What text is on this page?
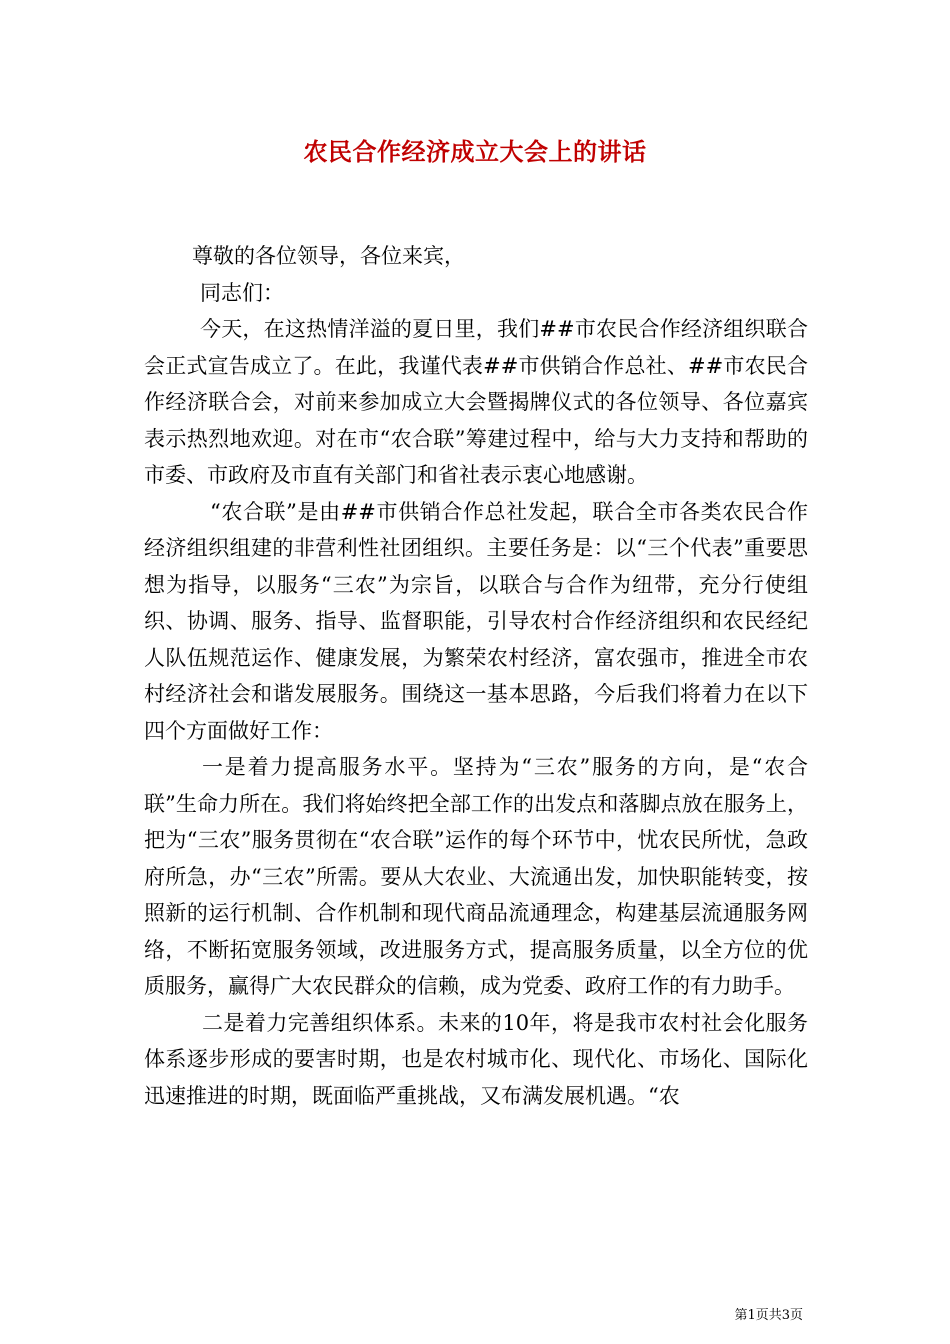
农民合作经济成立大会上的讲话

尊敬的各位领导，各位来宾，

同志们：

今天，在这热情洋溢的夏日里，我们##市农民合作经济组织联合会正式宣告成立了。在此，我谨代表##市供销合作总社、##市农民合作经济联合会，对前来参加成立大会暨揭牌仪式的各位领导、各位嘉宾表示热烈地欢迎。对在市“农合联”筹建过程中，给与大力支持和帮助的市委、市政府及市直有关部门和省社表示衷心地感谢。

“农合联”是由##市供销合作总社发起，联合全市各类农民合作经济组织组建的非营利性社团组织。主要任务是：以“三个代表”重要思想为指导，以服务“三农”为宗旨，以联合与合作为纽带，充分行使组织、协调、服务、指导、监督职能，引导农村合作经济组织和农民经纪人队伍规范运作、健康发展，为繁荣农村经济，富农强市，推进全市农村经济社会和谐发展服务。围绕这一基本思路，今后我们将着力在以下四个方面做好工作：

一是着力提高服务水平。坚持为“三农”服务的方向，是“农合联”生命力所在。我们将始终把全部工作的出发点和落脚点放在服务上，把为“三农”服务贯彻在“农合联”运作的每个环节中，忧农民所忧，急政府所急，办“三农”所需。要从大农业、大流通出发，加快职能转变，按照新的运行机制、合作机制和现代商品流通理念，构建基层流通服务网络，不断拓宽服务领域，改进服务方式，提高服务质量，以全方位的优质服务，赢得广大农民群众的信赖，成为党委、政府工作的有力助手。

二是着力完善组织体系。未来的10年，将是我市农村社会化服务体系逐步形成的要害时期，也是农村城市化、现代化、市场化、国际化迅速推进的时期，既面临严重挑战，又布满发展机遇。“农

第1页共3页
